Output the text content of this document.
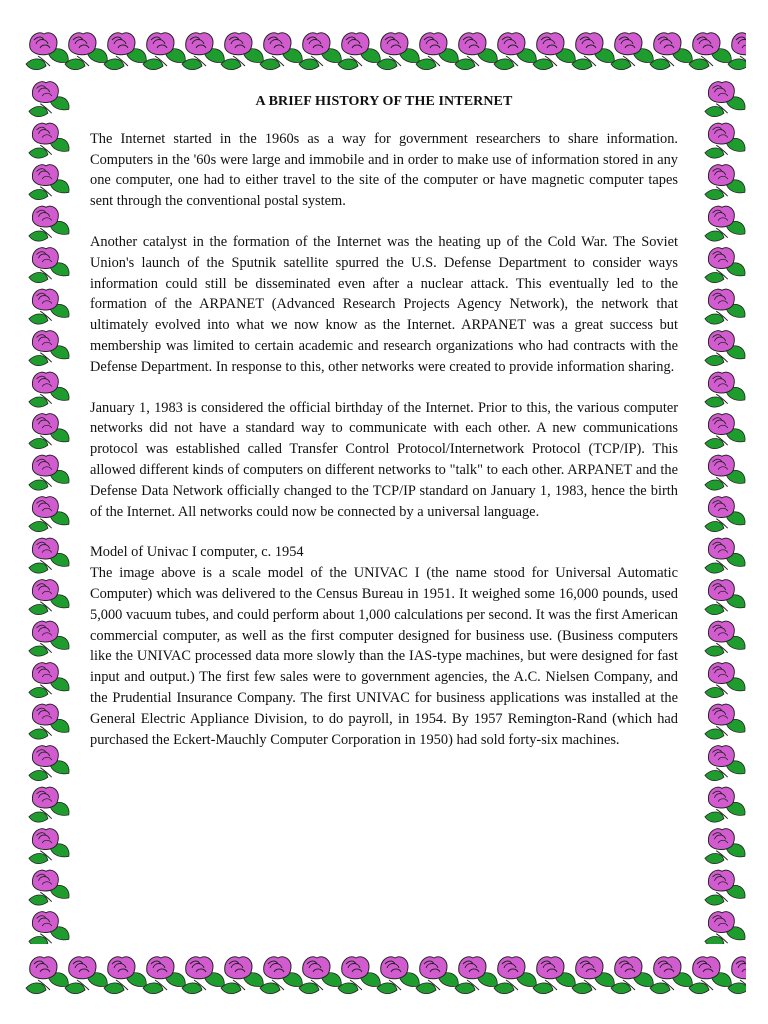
A BRIEF HISTORY OF THE INTERNET

The Internet started in the 1960s as a way for government researchers to share information. Computers in the '60s were large and immobile and in order to make use of information stored in any one computer, one had to either travel to the site of the computer or have magnetic computer tapes sent through the conventional postal system.

Another catalyst in the formation of the Internet was the heating up of the Cold War. The Soviet Union's launch of the Sputnik satellite spurred the U.S. Defense Department to consider ways information could still be disseminated even after a nuclear attack. This eventually led to the formation of the ARPANET (Advanced Research Projects Agency Network), the network that ultimately evolved into what we now know as the Internet. ARPANET was a great success but membership was limited to certain academic and research organizations who had contracts with the Defense Department. In response to this, other networks were created to provide information sharing.

January 1, 1983 is considered the official birthday of the Internet. Prior to this, the various computer networks did not have a standard way to communicate with each other. A new communications protocol was established called Transfer Control Protocol/Internetwork Protocol (TCP/IP). This allowed different kinds of computers on different networks to "talk" to each other. ARPANET and the Defense Data Network officially changed to the TCP/IP standard on January 1, 1983, hence the birth of the Internet. All networks could now be connected by a universal language.

Model of Univac I computer, c. 1954

The image above is a scale model of the UNIVAC I (the name stood for Universal Automatic Computer) which was delivered to the Census Bureau in 1951. It weighed some 16,000 pounds, used 5,000 vacuum tubes, and could perform about 1,000 calculations per second. It was the first American commercial computer, as well as the first computer designed for business use. (Business computers like the UNIVAC processed data more slowly than the IAS-type machines, but were designed for fast input and output.) The first few sales were to government agencies, the A.C. Nielsen Company, and the Prudential Insurance Company. The first UNIVAC for business applications was installed at the General Electric Appliance Division, to do payroll, in 1954. By 1957 Remington-Rand (which had purchased the Eckert-Mauchly Computer Corporation in 1950) had sold forty-six machines.
